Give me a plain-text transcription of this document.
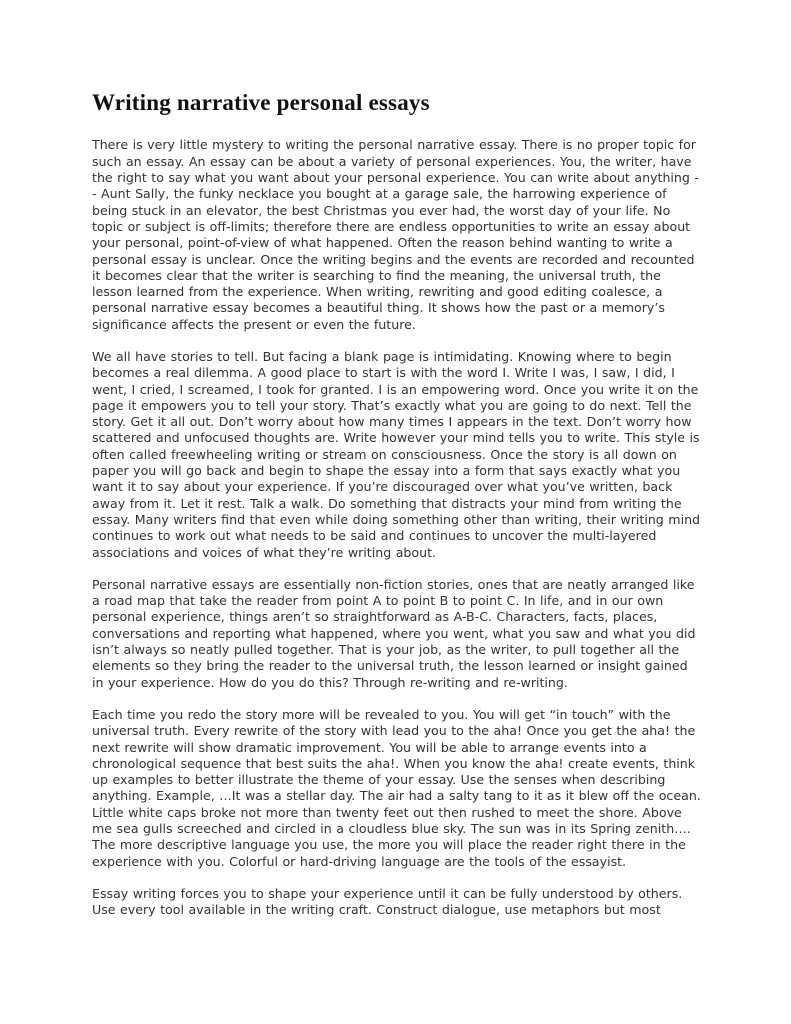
Writing narrative personal essays

There is very little mystery to writing the personal narrative essay. There is no proper topic for such an essay. An essay can be about a variety of personal experiences. You, the writer, have the right to say what you want about your personal experience. You can write about anything -- Aunt Sally, the funky necklace you bought at a garage sale, the harrowing experience of being stuck in an elevator, the best Christmas you ever had, the worst day of your life. No topic or subject is off-limits; therefore there are endless opportunities to write an essay about your personal, point-of-view of what happened. Often the reason behind wanting to write a personal essay is unclear. Once the writing begins and the events are recorded and recounted it becomes clear that the writer is searching to find the meaning, the universal truth, the lesson learned from the experience. When writing, rewriting and good editing coalesce, a personal narrative essay becomes a beautiful thing. It shows how the past or a memory’s significance affects the present or even the future.

We all have stories to tell. But facing a blank page is intimidating. Knowing where to begin becomes a real dilemma. A good place to start is with the word I. Write I was, I saw, I did, I went, I cried, I screamed, I took for granted. I is an empowering word. Once you write it on the page it empowers you to tell your story. That’s exactly what you are going to do next. Tell the story. Get it all out. Don’t worry about how many times I appears in the text. Don’t worry how scattered and unfocused thoughts are. Write however your mind tells you to write. This style is often called freewheeling writing or stream on consciousness. Once the story is all down on paper you will go back and begin to shape the essay into a form that says exactly what you want it to say about your experience. If you’re discouraged over what you’ve written, back away from it. Let it rest. Talk a walk. Do something that distracts your mind from writing the essay. Many writers find that even while doing something other than writing, their writing mind continues to work out what needs to be said and continues to uncover the multi-layered associations and voices of what they’re writing about.

Personal narrative essays are essentially non-fiction stories, ones that are neatly arranged like a road map that take the reader from point A to point B to point C. In life, and in our own personal experience, things aren’t so straightforward as A-B-C. Characters, facts, places, conversations and reporting what happened, where you went, what you saw and what you did isn’t always so neatly pulled together. That is your job, as the writer, to pull together all the elements so they bring the reader to the universal truth, the lesson learned or insight gained in your experience. How do you do this? Through re-writing and re-writing.

Each time you redo the story more will be revealed to you. You will get “in touch” with the universal truth. Every rewrite of the story with lead you to the aha! Once you get the aha! the next rewrite will show dramatic improvement. You will be able to arrange events into a chronological sequence that best suits the aha!. When you know the aha! create events, think up examples to better illustrate the theme of your essay. Use the senses when describing anything. Example, …It was a stellar day. The air had a salty tang to it as it blew off the ocean. Little white caps broke not more than twenty feet out then rushed to meet the shore. Above me sea gulls screeched and circled in a cloudless blue sky. The sun was in its Spring zenith…. The more descriptive language you use, the more you will place the reader right there in the experience with you. Colorful or hard-driving language are the tools of the essayist.

Essay writing forces you to shape your experience until it can be fully understood by others. Use every tool available in the writing craft. Construct dialogue, use metaphors but most
